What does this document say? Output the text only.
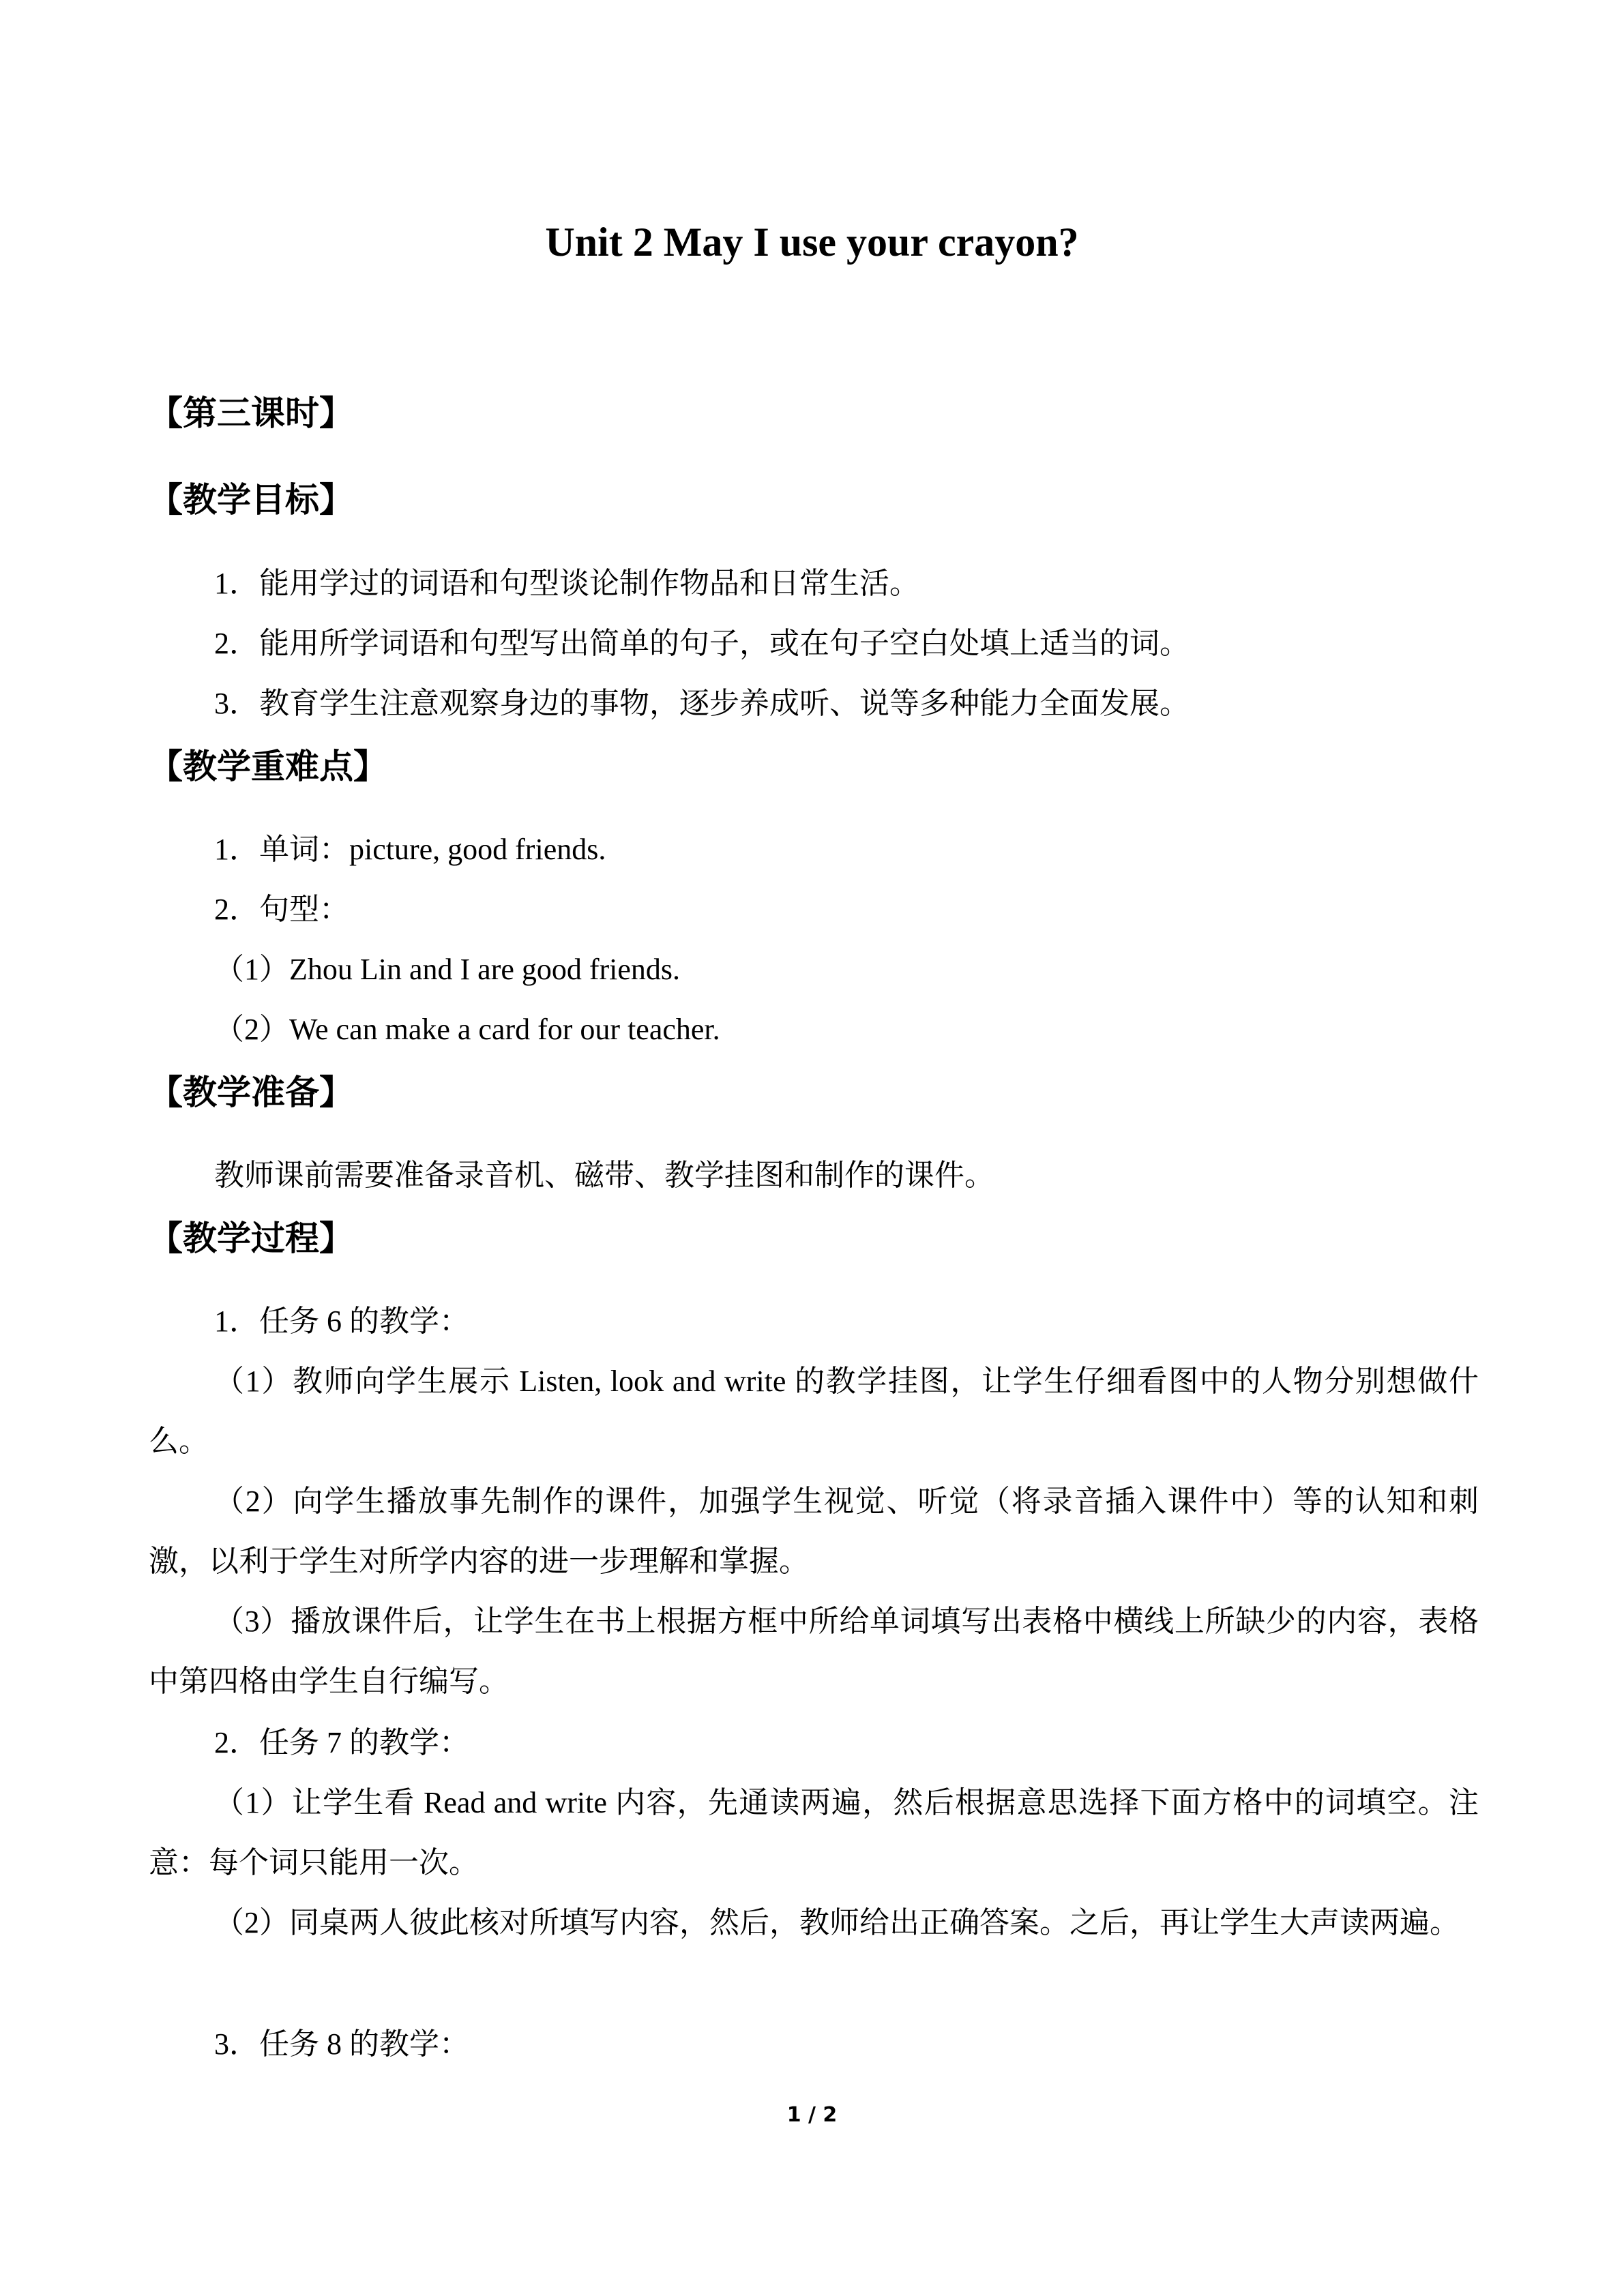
Unit 2 May I use your crayon?
【第三课时】
【教学目标】
1．能用学过的词语和句型谈论制作物品和日常生活。
2．能用所学词语和句型写出简单的句子，或在句子空白处填上适当的词。
3．教育学生注意观察身边的事物，逐步养成听、说等多种能力全面发展。
【教学重难点】
1．单词：picture, good friends.
2．句型：
（1）Zhou Lin and I are good friends.
（2）We can make a card for our teacher.
【教学准备】
教师课前需要准备录音机、磁带、教学挂图和制作的课件。
【教学过程】
1．任务 6 的教学：
（1）教师向学生展示 Listen, look and write 的教学挂图，让学生仔细看图中的人物分别想做什么。
（2）向学生播放事先制作的课件，加强学生视觉、听觉（将录音插入课件中）等的认知和刺激，以利于学生对所学内容的进一步理解和掌握。
（3）播放课件后，让学生在书上根据方框中所给单词填写出表格中横线上所缺少的内容，表格中第四格由学生自行编写。
2．任务 7 的教学：
（1）让学生看 Read and write 内容，先通读两遍，然后根据意思选择下面方格中的词填空。注意：每个词只能用一次。
（2）同桌两人彼此核对所填写内容，然后，教师给出正确答案。之后，再让学生大声读两遍。
3．任务 8 的教学：
1 / 2
